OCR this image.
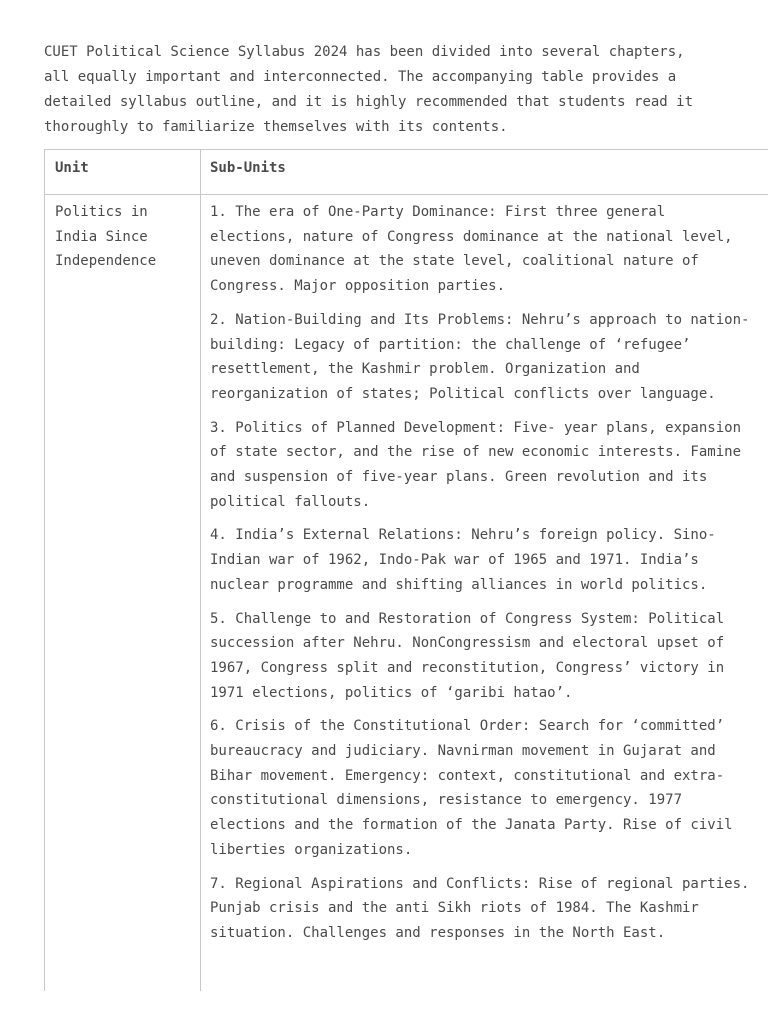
CUET Political Science Syllabus 2024 has been divided into several chapters,
all equally important and interconnected. The accompanying table provides a
detailed syllabus outline, and it is highly recommended that students read it
thoroughly to familiarize themselves with its contents.

Unit	Sub-Units
Politics in
India Since
Independence

1. The era of One-Party Dominance: First three general
elections, nature of Congress dominance at the national level,
uneven dominance at the state level, coalitional nature of
Congress. Major opposition parties.

2. Nation-Building and Its Problems: Nehru’s approach to nation-
building: Legacy of partition: the challenge of ‘refugee’
resettlement, the Kashmir problem. Organization and
reorganization of states; Political conflicts over language.

3. Politics of Planned Development: Five- year plans, expansion
of state sector, and the rise of new economic interests. Famine
and suspension of five-year plans. Green revolution and its
political fallouts.

4. India’s External Relations: Nehru’s foreign policy. Sino-
Indian war of 1962, Indo-Pak war of 1965 and 1971. India’s
nuclear programme and shifting alliances in world politics.

5. Challenge to and Restoration of Congress System: Political
succession after Nehru. NonCongressism and electoral upset of
1967, Congress split and reconstitution, Congress’ victory in
1971 elections, politics of ‘garibi hatao’.

6. Crisis of the Constitutional Order: Search for ‘committed’
bureaucracy and judiciary. Navnirman movement in Gujarat and
Bihar movement. Emergency: context, constitutional and extra-
constitutional dimensions, resistance to emergency. 1977
elections and the formation of the Janata Party. Rise of civil
liberties organizations.

7. Regional Aspirations and Conflicts: Rise of regional parties.
Punjab crisis and the anti Sikh riots of 1984. The Kashmir
situation. Challenges and responses in the North East.
